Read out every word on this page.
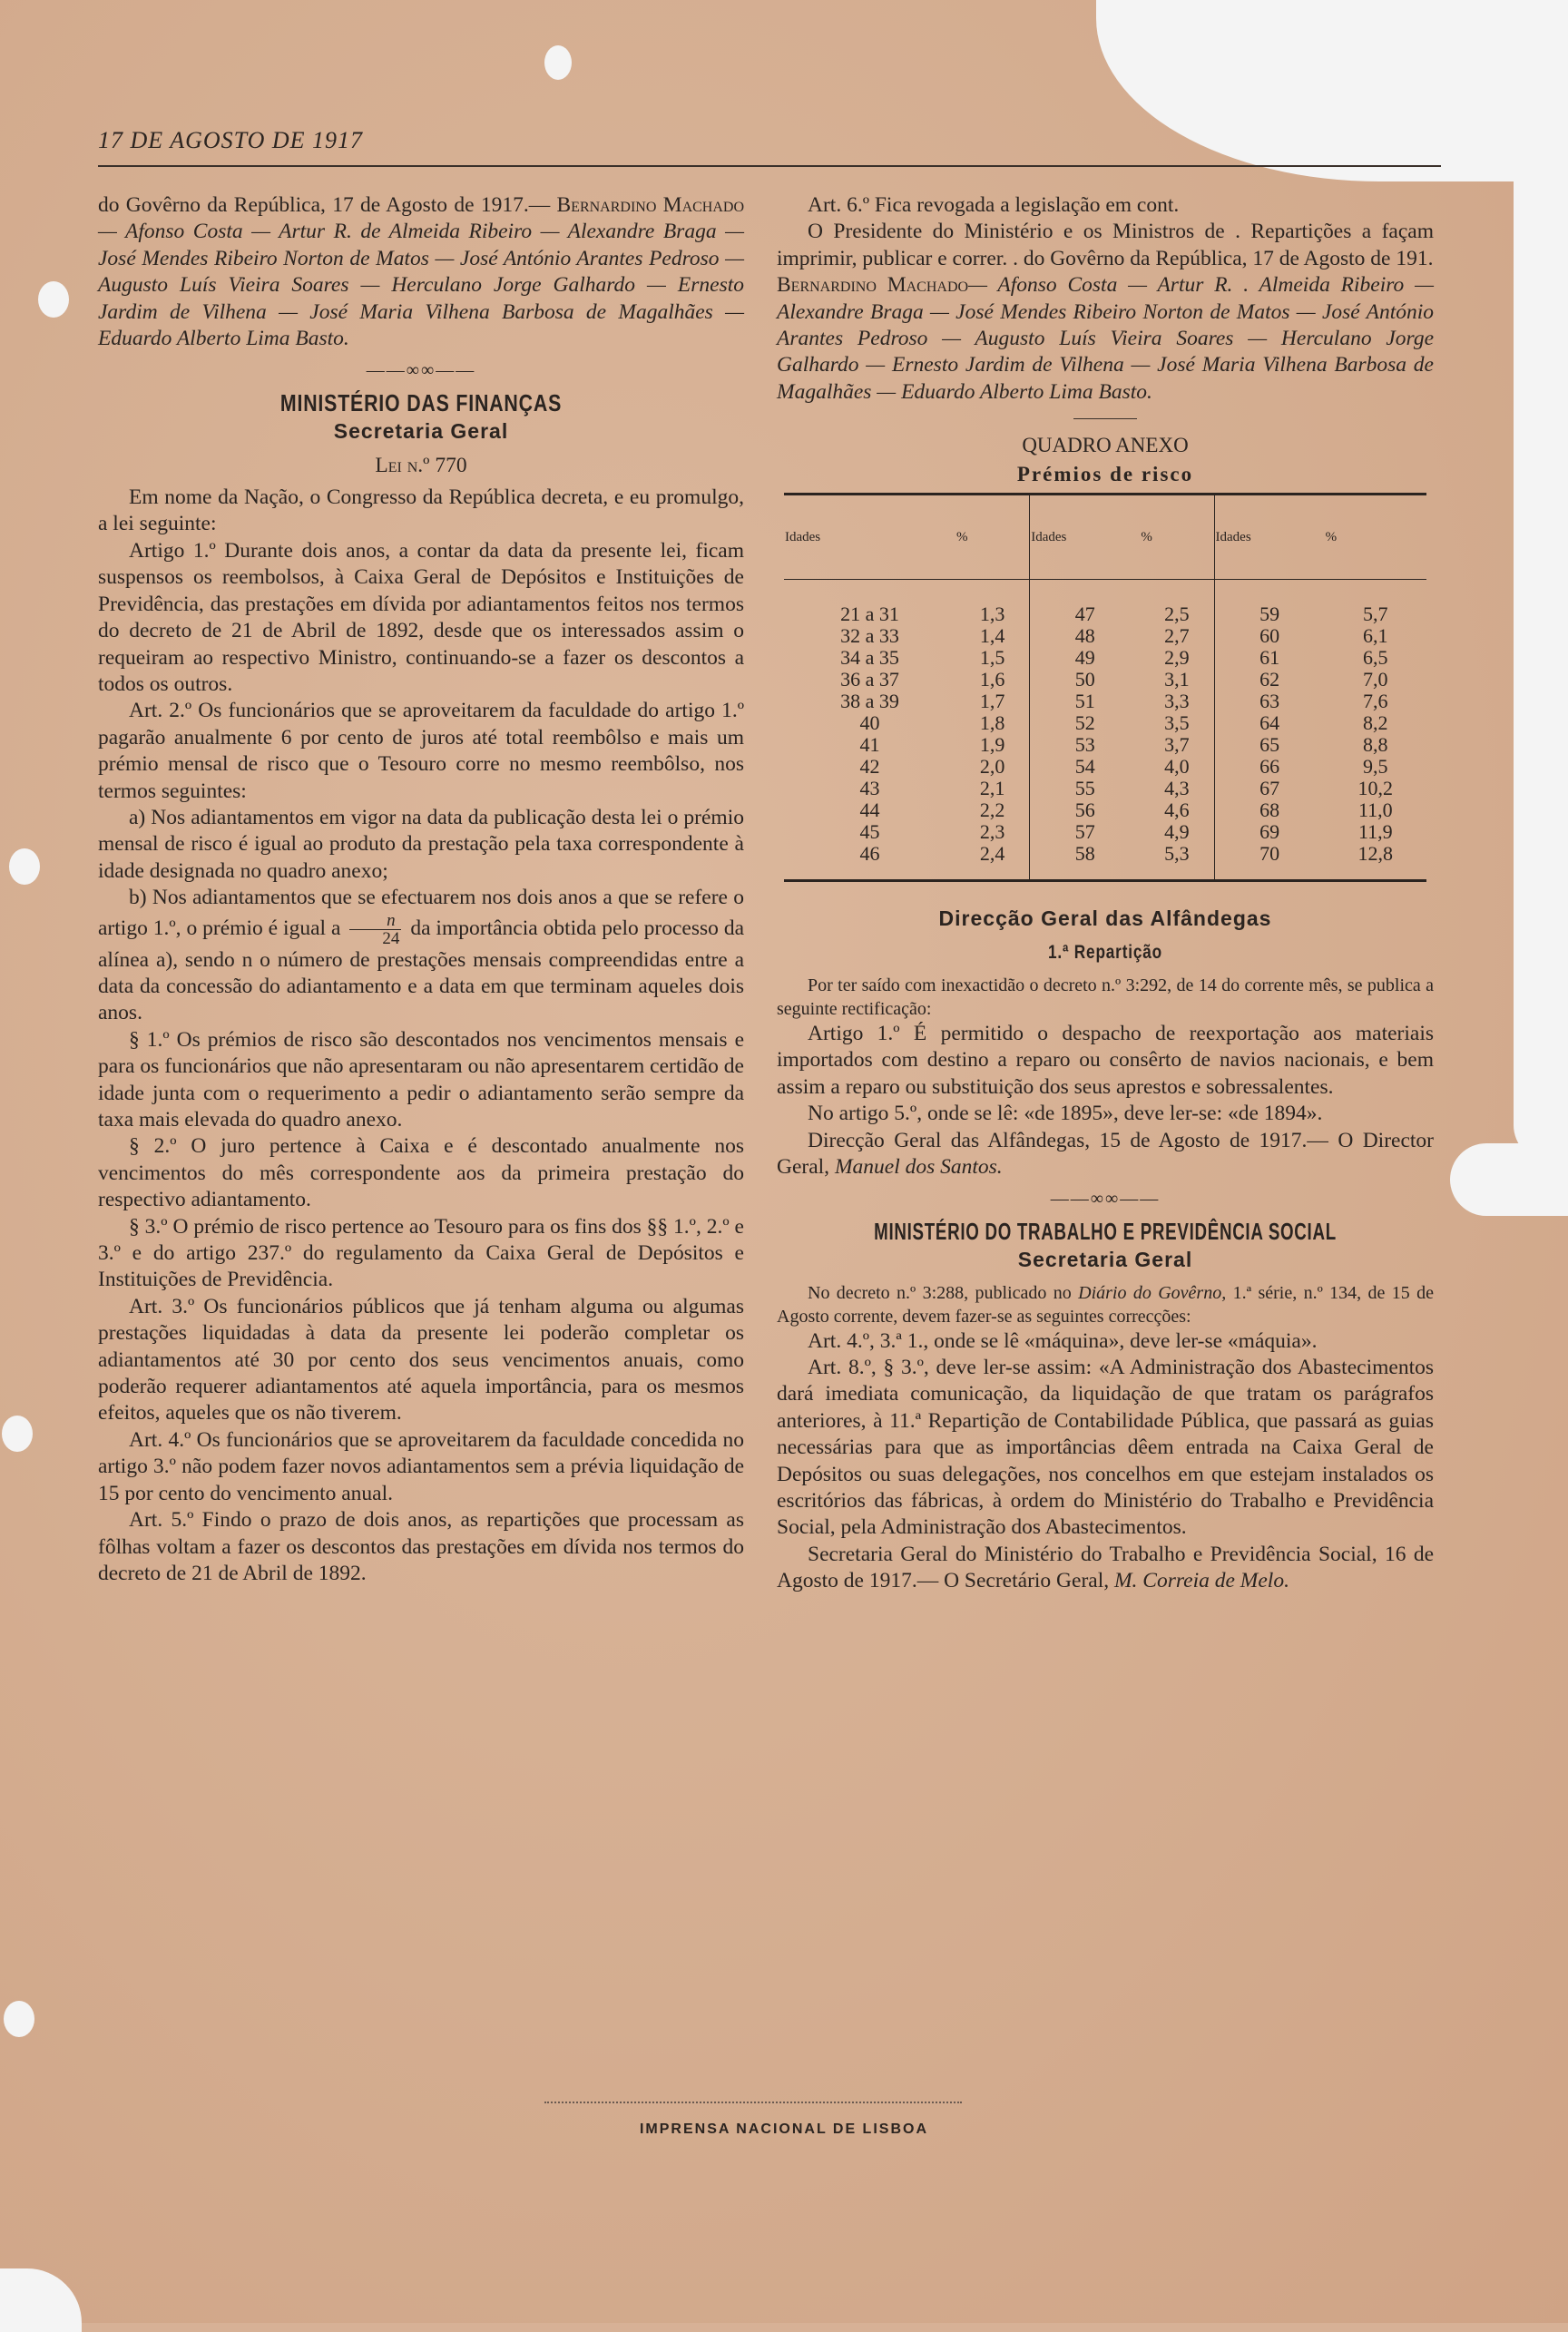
17 DE AGOSTO DE 1917

do Govêrno da República, 17 de Agosto de 1917.— Bernardino Machado— Afonso Costa — Artur R. de Almeida Ribeiro — Alexandre Braga — José Mendes Ribeiro Norton de Matos — José António Arantes Pedroso — Augusto Luís Vieira Soares — Herculano Jorge Galhardo — Ernesto Jardim de Vilhena — José Maria Vilhena Barbosa de Magalhães — Eduardo Alberto Lima Basto.

——∞∞——
MINISTÉRIO DAS FINANÇAS
Secretaria Geral
Lei n.º 770

Em nome da Nação, o Congresso da República decreta, e eu promulgo, a lei seguinte:

Artigo 1.º Durante dois anos, a contar da data da presente lei, ficam suspensos os reembolsos, à Caixa Geral de Depósitos e Instituições de Previdência, das prestações em dívida por adiantamentos feitos nos termos do decreto de 21 de Abril de 1892, desde que os interessados assim o requeiram ao respectivo Ministro, continuando-se a fazer os descontos a todos os outros.

Art. 2.º Os funcionários que se aproveitarem da faculdade do artigo 1.º pagarão anualmente 6 por cento de juros até total reembôlso e mais um prémio mensal de risco que o Tesouro corre no mesmo reembôlso, nos termos seguintes:

a) Nos adiantamentos em vigor na data da publicação desta lei o prémio mensal de risco é igual ao produto da prestação pela taxa correspondente à idade designada no quadro anexo;

b) Nos adiantamentos que se efectuarem nos dois anos a que se refere o artigo 1.º, o prémio é igual a $\frac{n}{24}$ da importância obtida pelo processo da alínea a), sendo n o número de prestações mensais compreendidas entre a data da concessão do adiantamento e a data em que terminam aqueles dois anos.

§ 1.º Os prémios de risco são descontados nos vencimentos mensais e para os funcionários que não apresentaram ou não apresentarem certidão de idade junta com o requerimento a pedir o adiantamento serão sempre da taxa mais elevada do quadro anexo.

§ 2.º O juro pertence à Caixa e é descontado anualmente nos vencimentos do mês correspondente aos da primeira prestação do respectivo adiantamento.

§ 3.º O prémio de risco pertence ao Tesouro para os fins dos §§ 1.º, 2.º e 3.º e do artigo 237.º do regulamento da Caixa Geral de Depósitos e Instituições de Previdência.

Art. 3.º Os funcionários públicos que já tenham alguma ou algumas prestações liquidadas à data da presente lei poderão completar os adiantamentos até 30 por cento dos seus vencimentos anuais, como poderão requerer adiantamentos até aquela importância, para os mesmos efeitos, aqueles que os não tiverem.

Art. 4.º Os funcionários que se aproveitarem da faculdade concedida no artigo 3.º não podem fazer novos adiantamentos sem a prévia liquidação de 15 por cento do vencimento anual.

Art. 5.º Findo o prazo de dois anos, as repartições que processam as fôlhas voltam a fazer os descontos das prestações em dívida nos termos do decreto de 21 de Abril de 1892.

Art. 6.º Fica revogada a legislação em cont.

O Presidente do Ministério e os Ministros de . Repartições a façam imprimir, publicar e correr. . do Govêrno da República, 17 de Agosto de 191.

Bernardino Machado— Afonso Costa — Artur R. . Almeida Ribeiro — Alexandre Braga — José Mendes Ribeiro Norton de Matos — José António Arantes Pedroso — Augusto Luís Vieira Soares — Herculano Jorge Galhardo — Ernesto Jardim de Vilhena — José Maria Vilhena Barbosa de Magalhães — Eduardo Alberto Lima Basto.

QUADRO ANEXO
Prémios de risco
Idades	%	Idades	%	Idades	%
21 a 31	1,3	47	2,5	59	5,7
32 a 33	1,4	48	2,7	60	6,1
34 a 35	1,5	49	2,9	61	6,5
36 a 37	1,6	50	3,1	62	7,0
38 a 39	1,7	51	3,3	63	7,6
40	1,8	52	3,5	64	8,2
41	1,9	53	3,7	65	8,8
42	2,0	54	4,0	66	9,5
43	2,1	55	4,3	67	10,2
44	2,2	56	4,6	68	11,0
45	2,3	57	4,9	69	11,9
46	2,4	58	5,3	70	12,8
Direcção Geral das Alfândegas
1.ª Repartição

Por ter saído com inexactidão o decreto n.º 3:292, de 14 do corrente mês, se publica a seguinte rectificação:

Artigo 1.º É permitido o despacho de reexportação aos materiais importados com destino a reparo ou consêrto de navios nacionais, e bem assim a reparo ou substituição dos seus aprestos e sobressalentes.

No artigo 5.º, onde se lê: «de 1895», deve ler-se: «de 1894».

Direcção Geral das Alfândegas, 15 de Agosto de 1917.— O Director Geral, Manuel dos Santos.

——∞∞——
MINISTÉRIO DO TRABALHO E PREVIDÊNCIA SOCIAL
Secretaria Geral

No decreto n.º 3:288, publicado no Diário do Govêrno, 1.ª série, n.º 134, de 15 de Agosto corrente, devem fazer-se as seguintes correcções:

Art. 4.º, 3.ª 1., onde se lê «máquina», deve ler-se «máquia».

Art. 8.º, § 3.º, deve ler-se assim: «A Administração dos Abastecimentos dará imediata comunicação, da liquidação de que tratam os parágrafos anteriores, à 11.ª Repartição de Contabilidade Pública, que passará as guias necessárias para que as importâncias dêem entrada na Caixa Geral de Depósitos ou suas delegações, nos concelhos em que estejam instalados os escritórios das fábricas, à ordem do Ministério do Trabalho e Previdência Social, pela Administração dos Abastecimentos.

Secretaria Geral do Ministério do Trabalho e Previdência Social, 16 de Agosto de 1917.— O Secretário Geral, M. Correia de Melo.

IMPRENSA NACIONAL DE LISBOA
